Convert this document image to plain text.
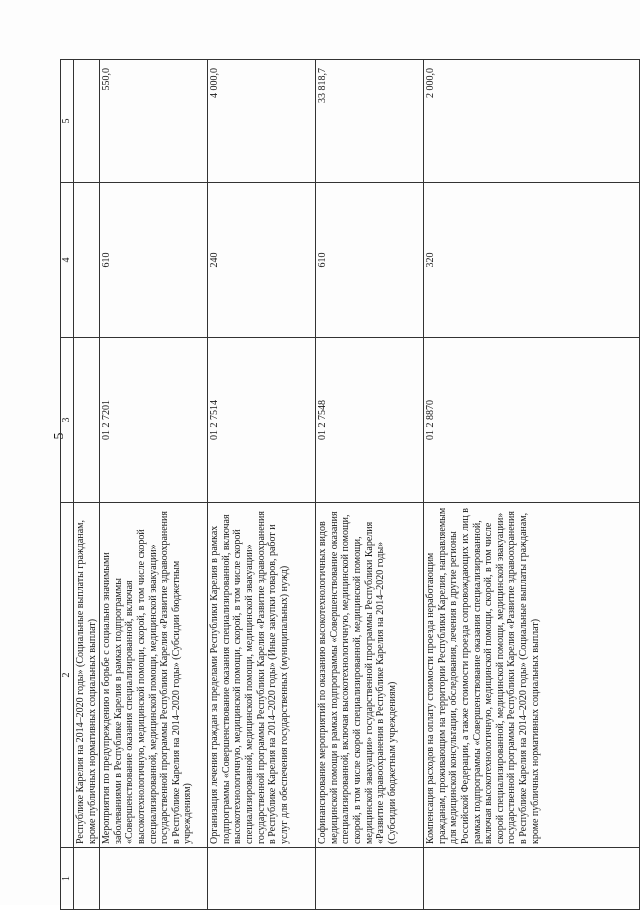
5
1	2	3	4	5
	Республике Карелия на 2014–2020 годы» (Социальные выплаты гражданам, кроме публичных нормативных социальных выплат)			
	Мероприятия по предупреждению и борьбе с социально значимыми заболеваниями в Республике Карелия в рамках подпрограммы «Совершенствование оказания специализированной, включая высокотехнологичную, медицинской помощи, скорой, в том числе скорой специализированной, медицинской помощи, медицинской эвакуации» государственной программы Республики Карелия «Развитие здравоохранения в Республике Карелия на 2014–2020 годы» (Субсидии бюджетным учреждениям)	01 2 7201	610	550,0
	Организация лечения граждан за пределами Республики Карелия в рамках подпрограммы «Совершенствование оказания специализированной, включая высокотехнологичную, медицинской помощи, скорой, в том числе скорой специализированной, медицинской помощи, медицинской эвакуации» государственной программы Республики Карелия «Развитие здравоохранения в Республике Карелия на 2014–2020 годы» (Иные закупки товаров, работ и услуг для обеспечения государственных (муниципальных) нужд)	01 2 7514	240	4 000,0
	Софинансирование мероприятий по оказанию высокотехнологичных видов медицинской помощи в рамках подпрограммы «Совершенствование оказания специализированной, включая высокотехнологичную, медицинской помощи, скорой, в том числе скорой специализированной, медицинской помощи, медицинской эвакуации» государственной программы Республики Карелия «Развитие здравоохранения в Республике Карелия на 2014–2020 годы» (Субсидии бюджетным учреждениям)	01 2 7548	610	33 818,7
	Компенсация расходов на оплату стоимости проезда неработающим гражданам, проживающим на территории Республики Карелия, направляемым для медицинской консультации, обследования, лечения в другие регионы Российской Федерации, а также стоимости проезда сопровождающих их лиц в рамках подпрограммы «Совершенствование оказания специализированной, включая высокотехнологичную, медицинской помощи, скорой, в том числе скорой специализированной, медицинской помощи, медицинской эвакуации» государственной программы Республики Карелия «Развитие здравоохранения в Республике Карелия на 2014–2020 годы» (Социальные выплаты гражданам, кроме публичных нормативных социальных выплат)	01 2 8870	320	2 000,0
